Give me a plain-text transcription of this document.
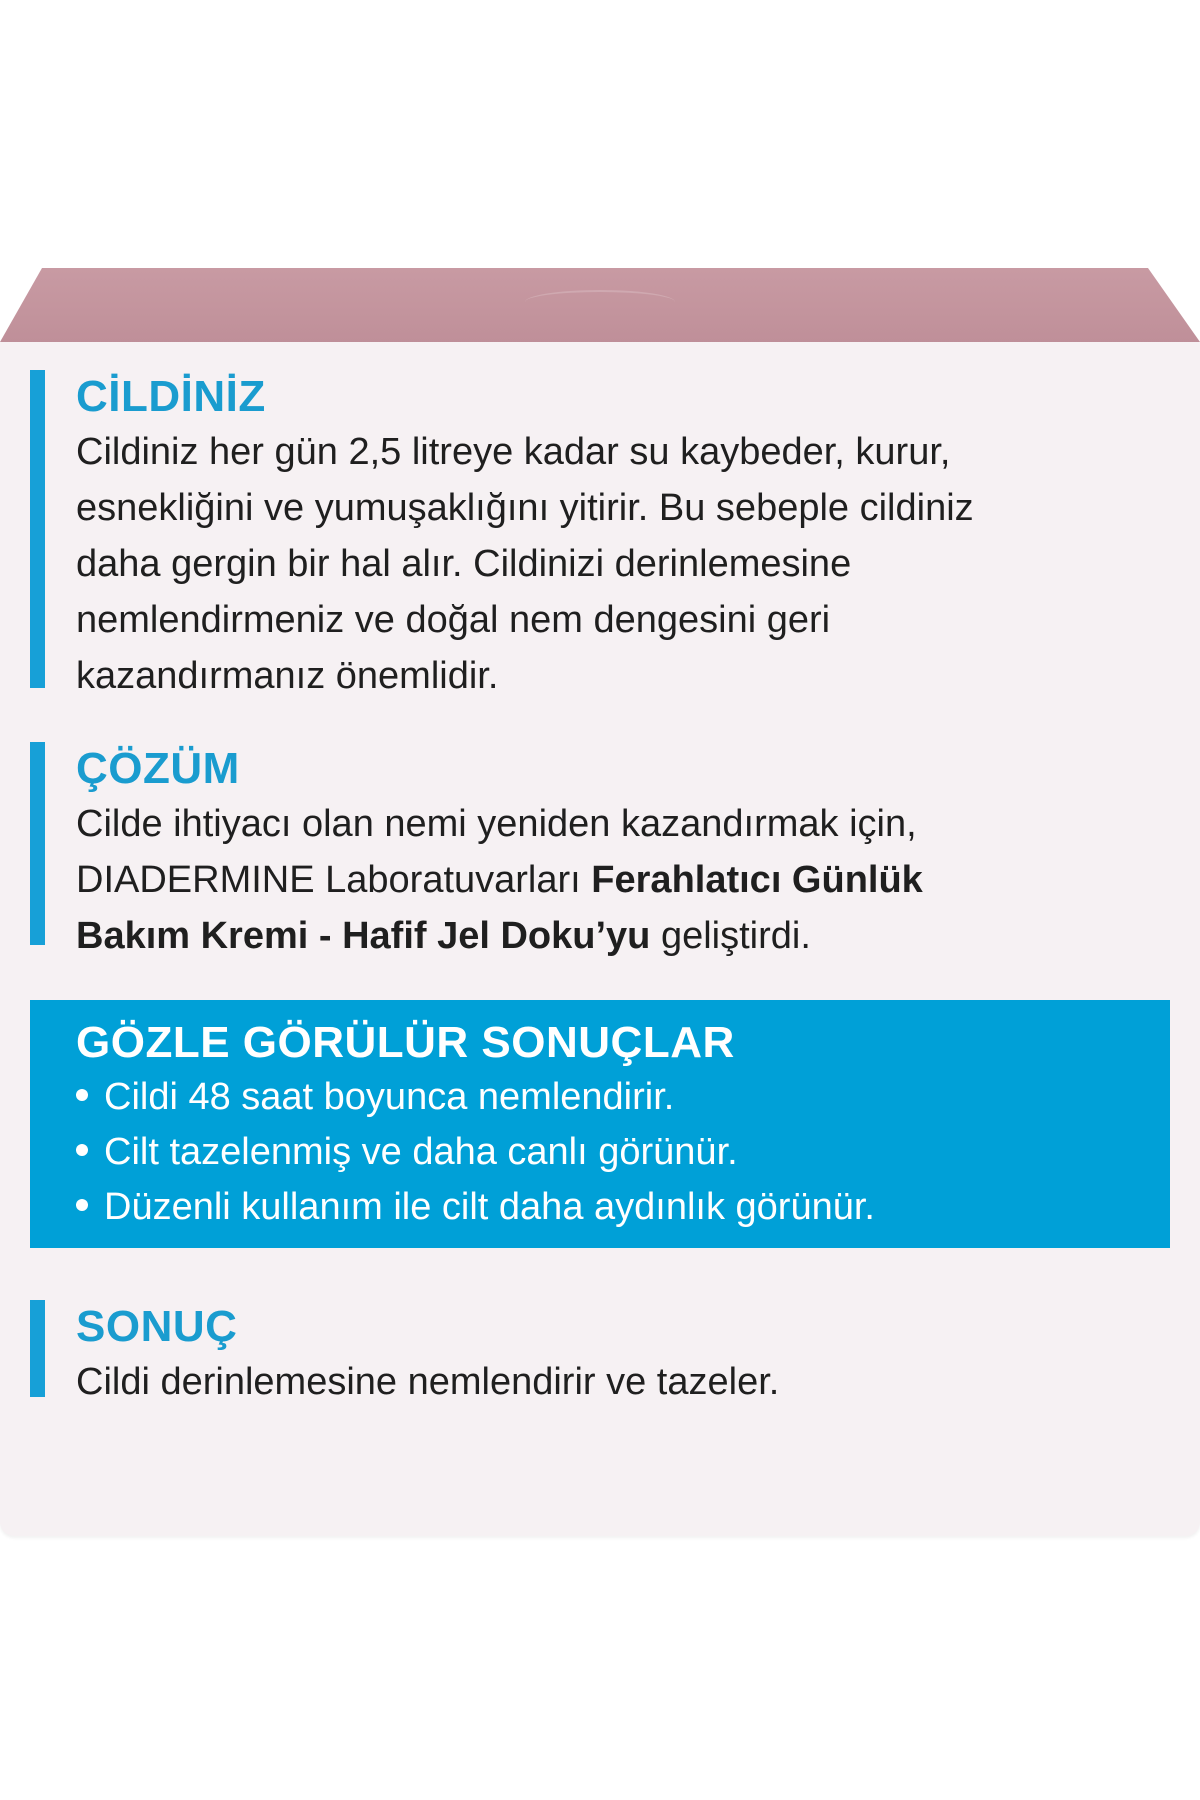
CİLDİNİZ

Cildiniz her gün 2,5 litreye kadar su kaybeder, kurur,
esnekliğini ve yumuşaklığını yitirir. Bu sebeple cildiniz
daha gergin bir hal alır. Cildinizi derinlemesine
nemlendirmeniz ve doğal nem dengesini geri
kazandırmanız önemlidir.

ÇÖZÜM

Cilde ihtiyacı olan nemi yeniden kazandırmak için,
DIADERMINE Laboratuvarları Ferahlatıcı Günlük
Bakım Kremi - Hafif Jel Doku’yu geliştirdi.

GÖZLE GÖRÜLÜR SONUÇLAR
Cildi 48 saat boyunca nemlendirir.
Cilt tazelenmiş ve daha canlı görünür.
Düzenli kullanım ile cilt daha aydınlık görünür.
SONUÇ

Cildi derinlemesine nemlendirir ve tazeler.
